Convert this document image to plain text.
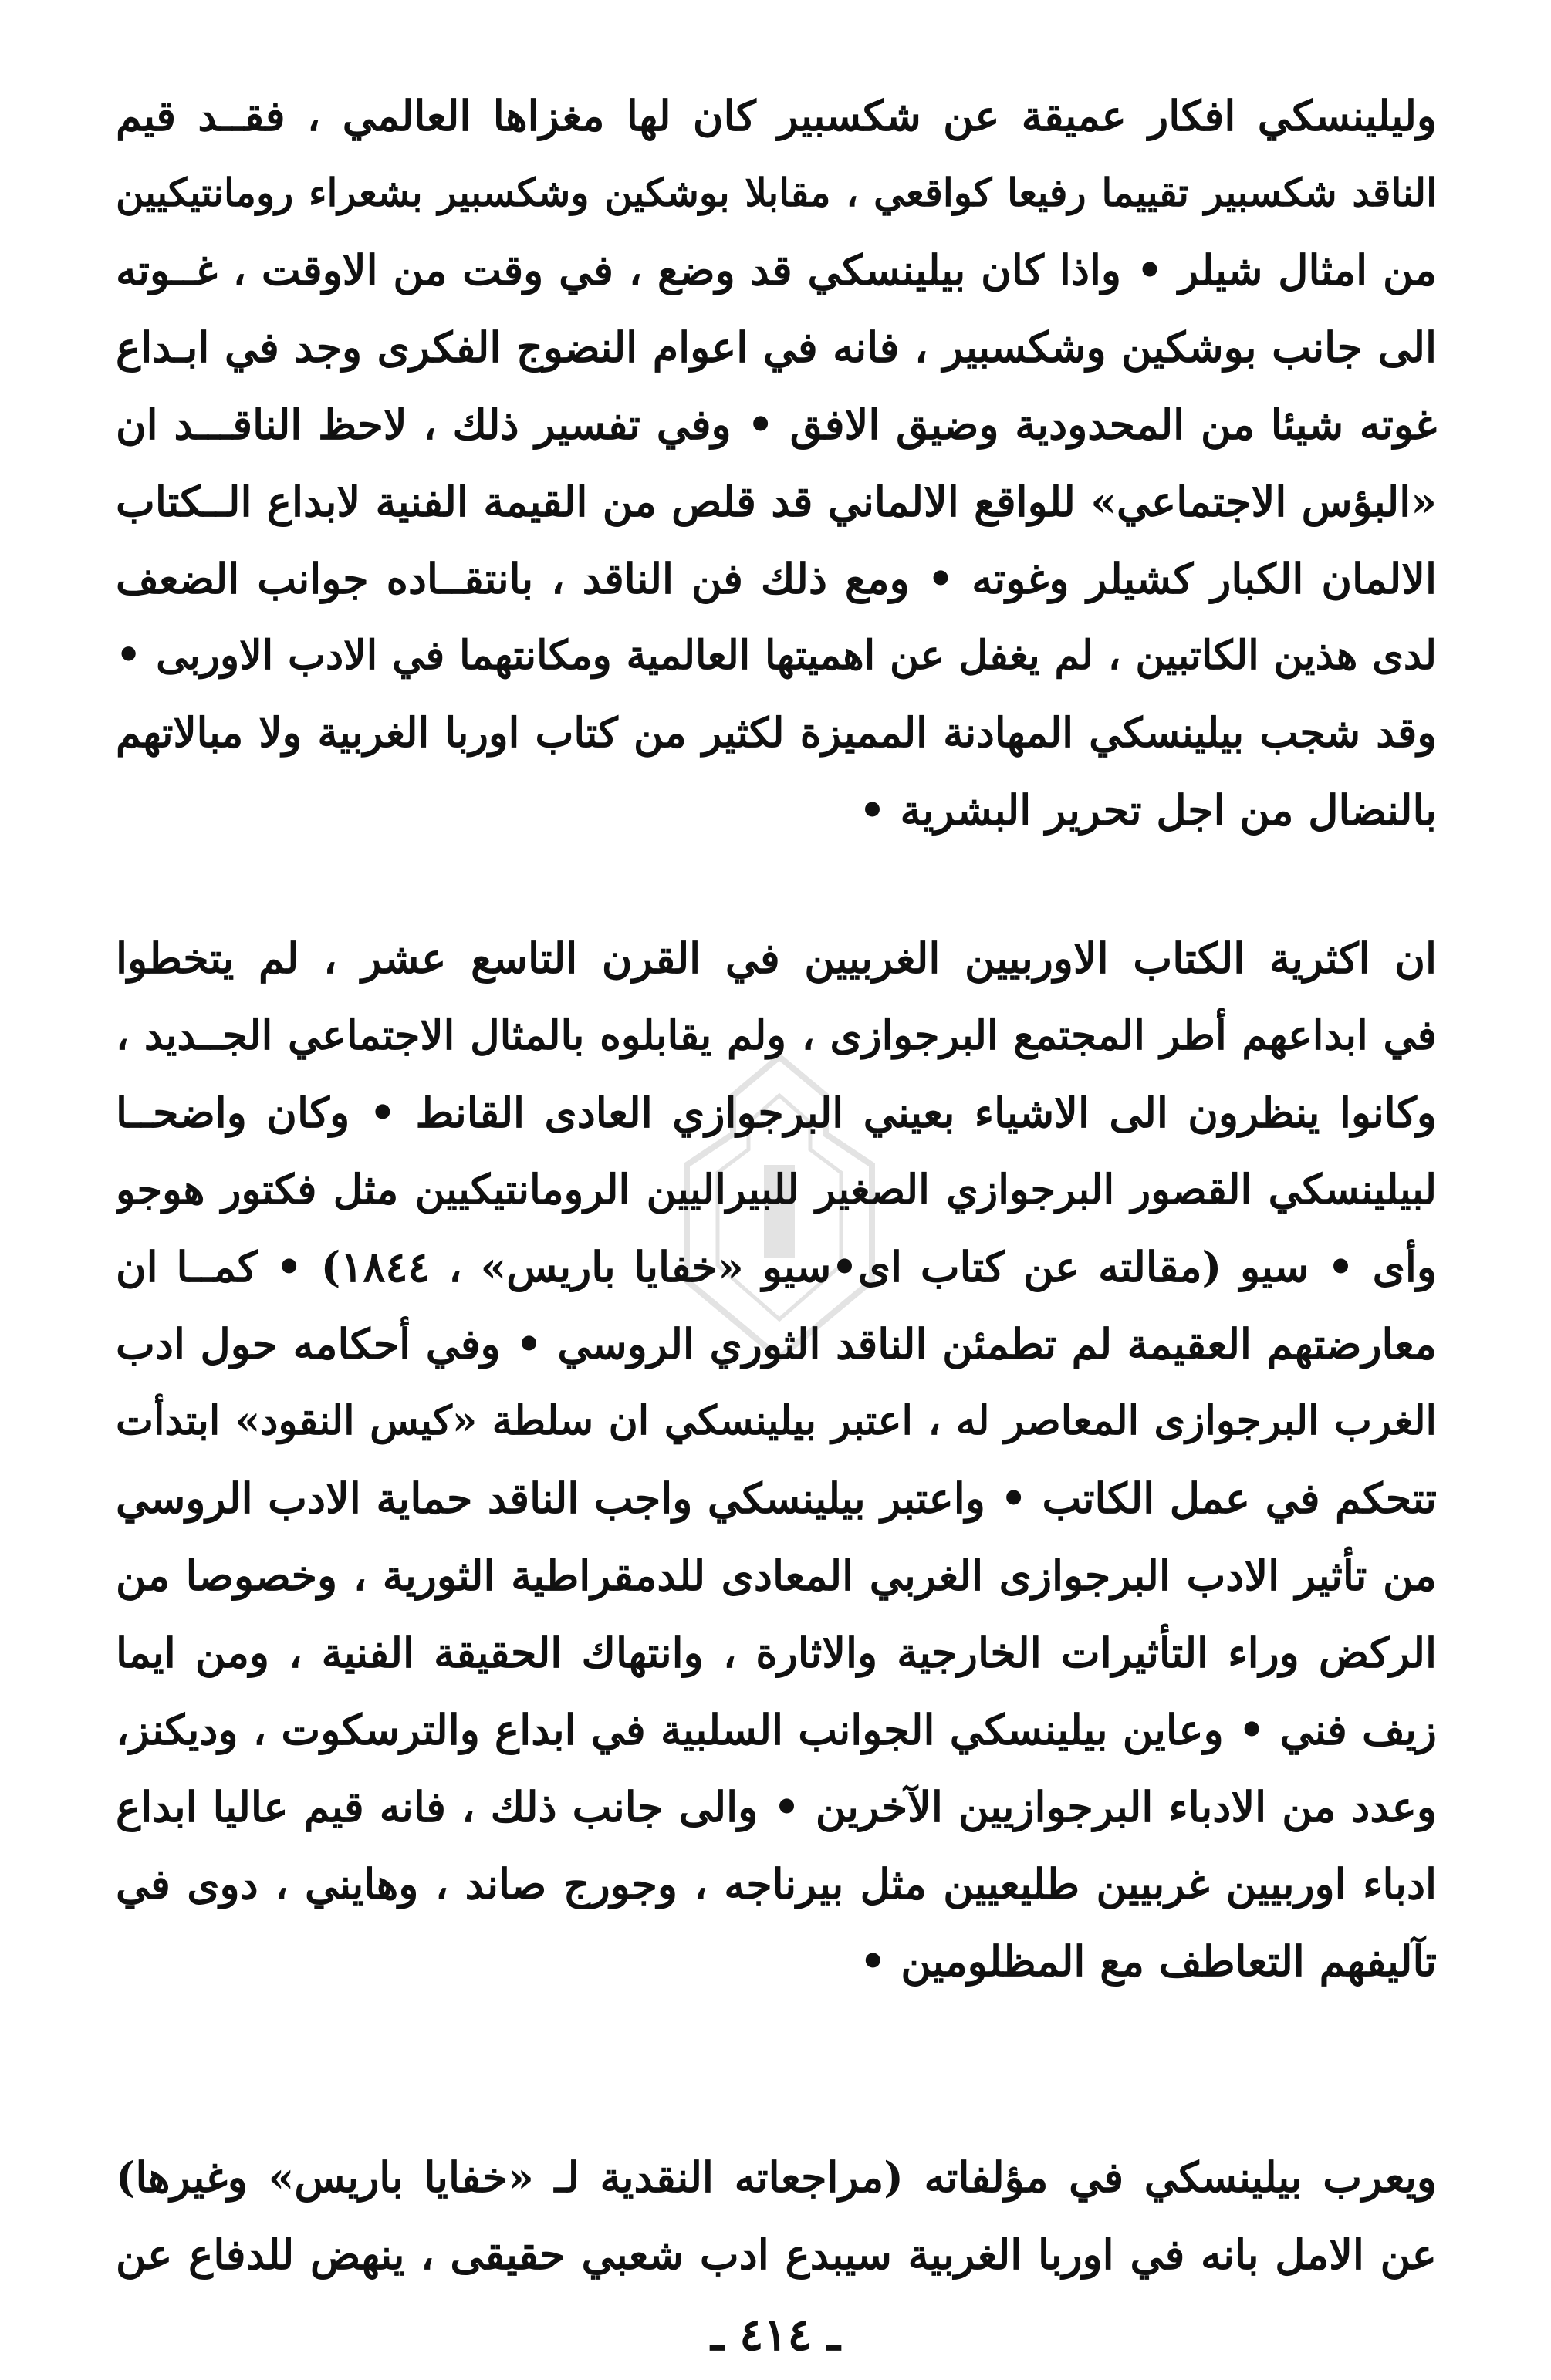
وليلينسكي افكار عميقة عن شكسبير كان لها مغزاها العالمي ، فقــد قيم
الناقد شكسبير تقييما رفيعا كواقعي ، مقابلا بوشكين وشكسبير بشعراء رومانتيكيين
من امثال شيلر • واذا كان بيلينسكي قد وضع ، في وقت من الاوقت ، غــوته
الى جانب بوشكين وشكسبير ، فانه في اعوام النضوج الفكرى وجد في ابـداع
غوته شيئا من المحدودية وضيق الافق • وفي تفسير ذلك ، لاحظ الناقـــد ان
«البؤس الاجتماعي» للواقع الالماني قد قلص من القيمة الفنية لابداع الــكتاب
الالمان الكبار كشيلر وغوته • ومع ذلك فن الناقد ، بانتقــاده جوانب الضعف
لدى هذين الكاتبين ، لم يغفل عن اهميتها العالمية ومكانتهما في الادب الاوربى •
وقد شجب بيلينسكي المهادنة المميزة لكثير من كتاب اوربا الغربية ولا مبالاتهم
بالنضال من اجل تحرير البشرية •
ان اكثرية الكتاب الاوربيين الغربيين في القرن التاسع عشر ، لم يتخطوا
في ابداعهم أطر المجتمع البرجوازى ، ولم يقابلوه بالمثال الاجتماعي الجــديد ،
وكانوا ينظرون الى الاشياء بعيني البرجوازي العادى القانط • وكان واضحــا
لبيلينسكي القصور البرجوازي الصغير للبيراليين الرومانتيكيين مثل فكتور هوجو
وأى • سيو (مقالته عن كتاب اى•سيو «خفايا باريس» ، ١٨٤٤) • كمــا ان
معارضتهم العقيمة لم تطمئن الناقد الثوري الروسي • وفي أحكامه حول ادب
الغرب البرجوازى المعاصر له ، اعتبر بيلينسكي ان سلطة «كيس النقود» ابتدأت
تتحكم في عمل الكاتب • واعتبر بيلينسكي واجب الناقد حماية الادب الروسي
من تأثير الادب البرجوازى الغربي المعادى للدمقراطية الثورية ، وخصوصا من
الركض وراء التأثيرات الخارجية والاثارة ، وانتهاك الحقيقة الفنية ، ومن ايما
زيف فني • وعاين بيلينسكي الجوانب السلبية في ابداع والترسكوت ، وديكنز،
وعدد من الادباء البرجوازيين الآخرين • والى جانب ذلك ، فانه قيم عاليا ابداع
ادباء اوربيين غربيين طليعيين مثل بيرناجه ، وجورج صاند ، وهايني ، دوى في
تآليفهم التعاطف مع المظلومين •
ويعرب بيلينسكي في مؤلفاته (مراجعاته النقدية لـ «خفايا باريس» وغيرها)
عن الامل بانه في اوربا الغربية سيبدع ادب شعبي حقيقى ، ينهض للدفاع عن
ـ ٤١٤ ـ
